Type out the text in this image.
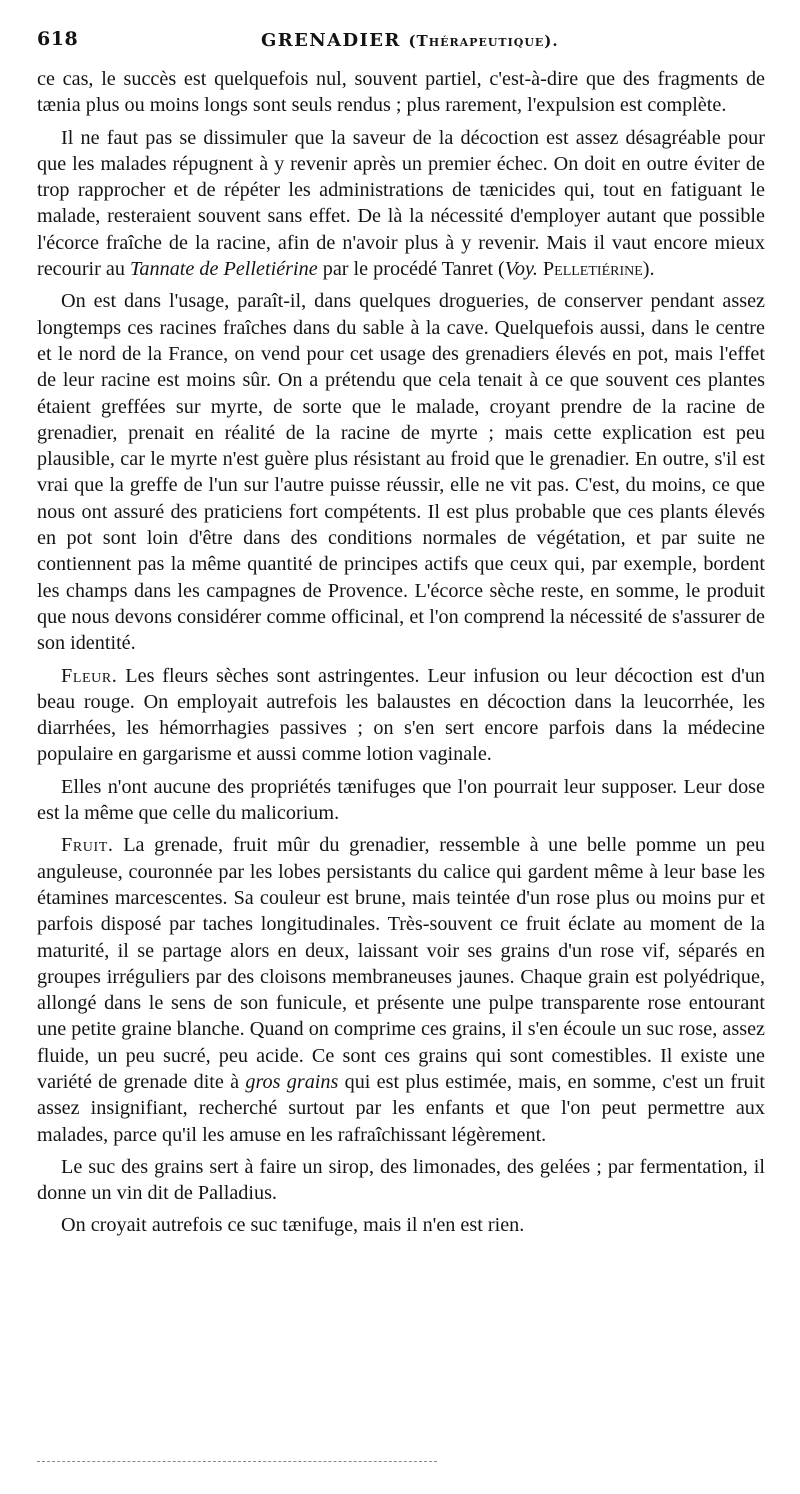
618	GRENADIER (Thérapeutique).

ce cas, le succès est quelquefois nul, souvent partiel, c'est-à-dire que des fragments de tænia plus ou moins longs sont seuls rendus ; plus rarement, l'expulsion est complète.

Il ne faut pas se dissimuler que la saveur de la décoction est assez désagréable pour que les malades répugnent à y revenir après un premier échec. On doit en outre éviter de trop rapprocher et de répéter les administrations de tænicides qui, tout en fatiguant le malade, resteraient souvent sans effet. De là la nécessité d'employer autant que possible l'écorce fraîche de la racine, afin de n'avoir plus à y revenir. Mais il vaut encore mieux recourir au Tannate de Pelletiérine par le procédé Tanret (Voy. Pelletiérine).

On est dans l'usage, paraît-il, dans quelques drogueries, de conserver pendant assez longtemps ces racines fraîches dans du sable à la cave. Quelquefois aussi, dans le centre et le nord de la France, on vend pour cet usage des grenadiers élevés en pot, mais l'effet de leur racine est moins sûr. On a prétendu que cela tenait à ce que souvent ces plantes étaient greffées sur myrte, de sorte que le malade, croyant prendre de la racine de grenadier, prenait en réalité de la racine de myrte ; mais cette explication est peu plausible, car le myrte n'est guère plus résistant au froid que le grenadier. En outre, s'il est vrai que la greffe de l'un sur l'autre puisse réussir, elle ne vit pas. C'est, du moins, ce que nous ont assuré des praticiens fort compétents. Il est plus probable que ces plants élevés en pot sont loin d'être dans des conditions normales de végétation, et par suite ne contiennent pas la même quantité de principes actifs que ceux qui, par exemple, bordent les champs dans les campagnes de Provence. L'écorce sèche reste, en somme, le produit que nous devons considérer comme officinal, et l'on comprend la nécessité de s'assurer de son identité.

Fleur. Les fleurs sèches sont astringentes. Leur infusion ou leur décoction est d'un beau rouge. On employait autrefois les balaustes en décoction dans la leucorrhée, les diarrhées, les hémorrhagies passives ; on s'en sert encore parfois dans la médecine populaire en gargarisme et aussi comme lotion vaginale.

Elles n'ont aucune des propriétés tænifuges que l'on pourrait leur supposer. Leur dose est la même que celle du malicorium.

Fruit. La grenade, fruit mûr du grenadier, ressemble à une belle pomme un peu anguleuse, couronnée par les lobes persistants du calice qui gardent même à leur base les étamines marcescentes. Sa couleur est brune, mais teintée d'un rose plus ou moins pur et parfois disposé par taches longitudinales. Très-souvent ce fruit éclate au moment de la maturité, il se partage alors en deux, laissant voir ses grains d'un rose vif, séparés en groupes irréguliers par des cloisons membraneuses jaunes. Chaque grain est polyédrique, allongé dans le sens de son funicule, et présente une pulpe transparente rose entourant une petite graine blanche. Quand on comprime ces grains, il s'en écoule un suc rose, assez fluide, un peu sucré, peu acide. Ce sont ces grains qui sont comestibles. Il existe une variété de grenade dite à gros grains qui est plus estimée, mais, en somme, c'est un fruit assez insignifiant, recherché surtout par les enfants et que l'on peut permettre aux malades, parce qu'il les amuse en les rafraîchissant légèrement.

Le suc des grains sert à faire un sirop, des limonades, des gelées ; par fermentation, il donne un vin dit de Palladius.

On croyait autrefois ce suc tænifuge, mais il n'en est rien.
